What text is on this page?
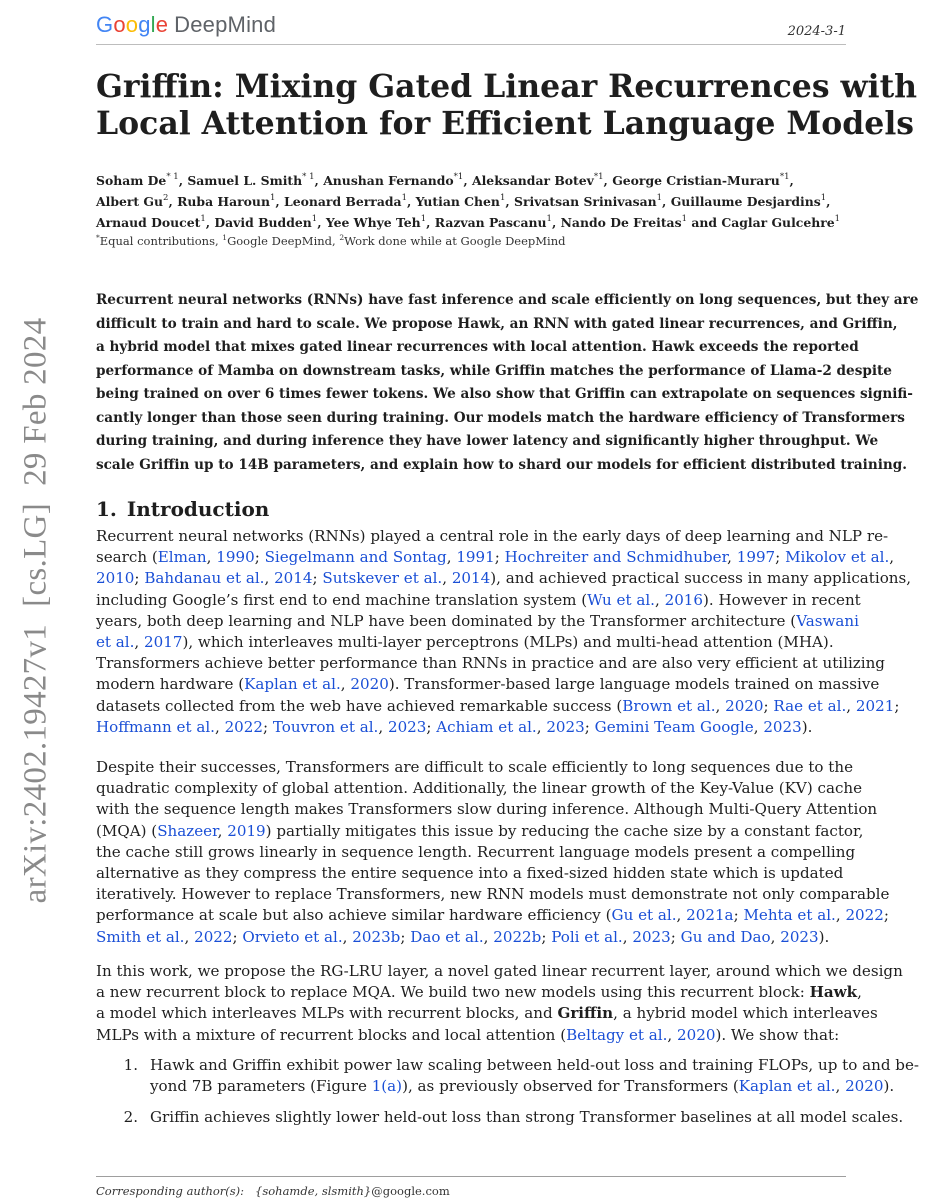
Google DeepMind	2024-3-1
arXiv:2402.19427v1  [cs.LG]  29 Feb 2024
Griffin: Mixing Gated Linear Recurrences with
Local Attention for Efficient Language Models
Soham De$^{* 1}$, Samuel L. Smith$^{* 1}$, Anushan Fernando$^{*1}$, Aleksandar Botev$^{*1}$, George Cristian-Muraru$^{*1}$,
Albert Gu$^2$, Ruba Haroun$^1$, Leonard Berrada$^1$, Yutian Chen$^1$, Srivatsan Srinivasan$^1$, Guillaume Desjardins$^1$,
Arnaud Doucet$^1$, David Budden$^1$, Yee Whye Teh$^1$, Razvan Pascanu$^1$, Nando De Freitas$^1$ and Caglar Gulcehre$^1$
*Equal contributions, $^1$Google DeepMind, $^2$Work done while at Google DeepMind
Recurrent neural networks (RNNs) have fast inference and scale efficiently on long sequences, but they are
difficult to train and hard to scale. We propose Hawk, an RNN with gated linear recurrences, and Griffin,
a hybrid model that mixes gated linear recurrences with local attention. Hawk exceeds the reported
performance of Mamba on downstream tasks, while Griffin matches the performance of Llama-2 despite
being trained on over 6 times fewer tokens. We also show that Griffin can extrapolate on sequences signifi-
cantly longer than those seen during training. Our models match the hardware efficiency of Transformers
during training, and during inference they have lower latency and significantly higher throughput. We
scale Griffin up to 14B parameters, and explain how to shard our models for efficient distributed training.
1. Introduction
Recurrent neural networks (RNNs) played a central role in the early days of deep learning and NLP re-
search (Elman, 1990; Siegelmann and Sontag, 1991; Hochreiter and Schmidhuber, 1997; Mikolov et al.,
2010; Bahdanau et al., 2014; Sutskever et al., 2014), and achieved practical success in many applications,
including Google’s first end to end machine translation system (Wu et al., 2016). However in recent
years, both deep learning and NLP have been dominated by the Transformer architecture (Vaswani
et al., 2017), which interleaves multi-layer perceptrons (MLPs) and multi-head attention (MHA).
Transformers achieve better performance than RNNs in practice and are also very efficient at utilizing
modern hardware (Kaplan et al., 2020). Transformer-based large language models trained on massive
datasets collected from the web have achieved remarkable success (Brown et al., 2020; Rae et al., 2021;
Hoffmann et al., 2022; Touvron et al., 2023; Achiam et al., 2023; Gemini Team Google, 2023).
Despite their successes, Transformers are difficult to scale efficiently to long sequences due to the
quadratic complexity of global attention. Additionally, the linear growth of the Key-Value (KV) cache
with the sequence length makes Transformers slow during inference. Although Multi-Query Attention
(MQA) (Shazeer, 2019) partially mitigates this issue by reducing the cache size by a constant factor,
the cache still grows linearly in sequence length. Recurrent language models present a compelling
alternative as they compress the entire sequence into a fixed-sized hidden state which is updated
iteratively. However to replace Transformers, new RNN models must demonstrate not only comparable
performance at scale but also achieve similar hardware efficiency (Gu et al., 2021a; Mehta et al., 2022;
Smith et al., 2022; Orvieto et al., 2023b; Dao et al., 2022b; Poli et al., 2023; Gu and Dao, 2023).
In this work, we propose the RG-LRU layer, a novel gated linear recurrent layer, around which we design
a new recurrent block to replace MQA. We build two new models using this recurrent block: Hawk,
a model which interleaves MLPs with recurrent blocks, and Griffin, a hybrid model which interleaves
MLPs with a mixture of recurrent blocks and local attention (Beltagy et al., 2020). We show that:
1. Hawk and Griffin exhibit power law scaling between held-out loss and training FLOPs, up to and be-
yond 7B parameters (Figure 1(a)), as previously observed for Transformers (Kaplan et al., 2020).
2. Griffin achieves slightly lower held-out loss than strong Transformer baselines at all model scales.
Corresponding author(s): {sohamde, slsmith}@google.com
